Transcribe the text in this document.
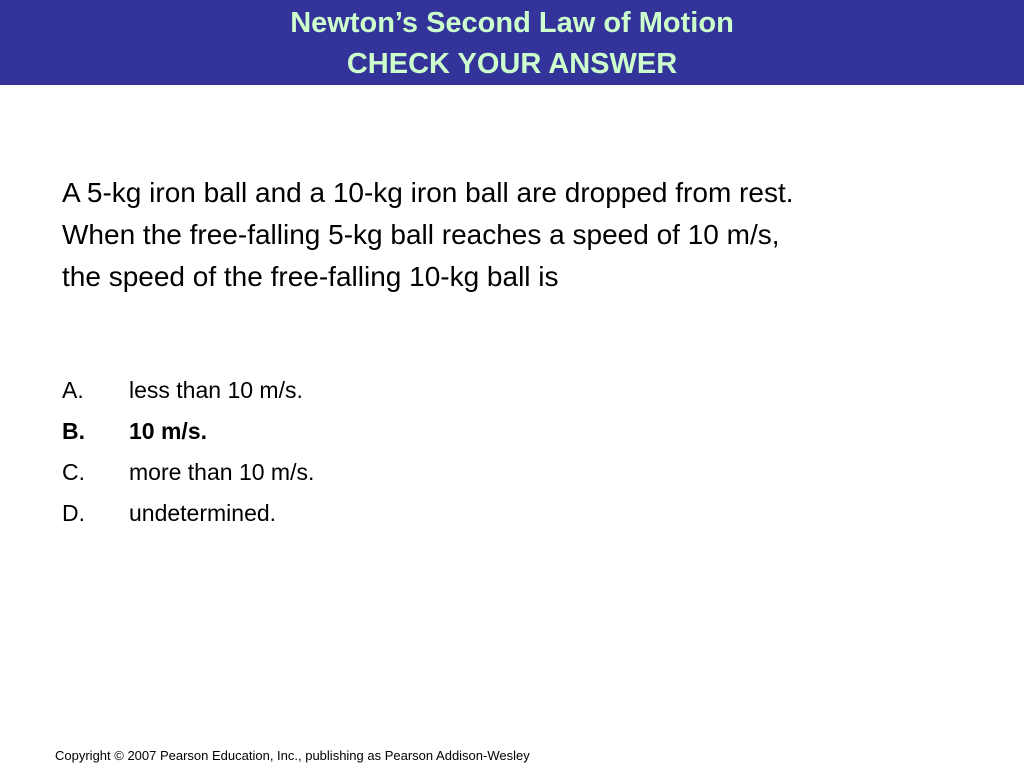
Newton’s Second Law of Motion
CHECK YOUR ANSWER
A 5-kg iron ball and a 10-kg iron ball are dropped from rest.
When the free-falling 5-kg ball reaches a speed of 10 m/s,
the speed of the free-falling 10-kg ball is
A. less than 10 m/s.
B. 10 m/s.
C. more than 10 m/s.
D. undetermined.
Copyright © 2007 Pearson Education, Inc., publishing as Pearson Addison-Wesley
